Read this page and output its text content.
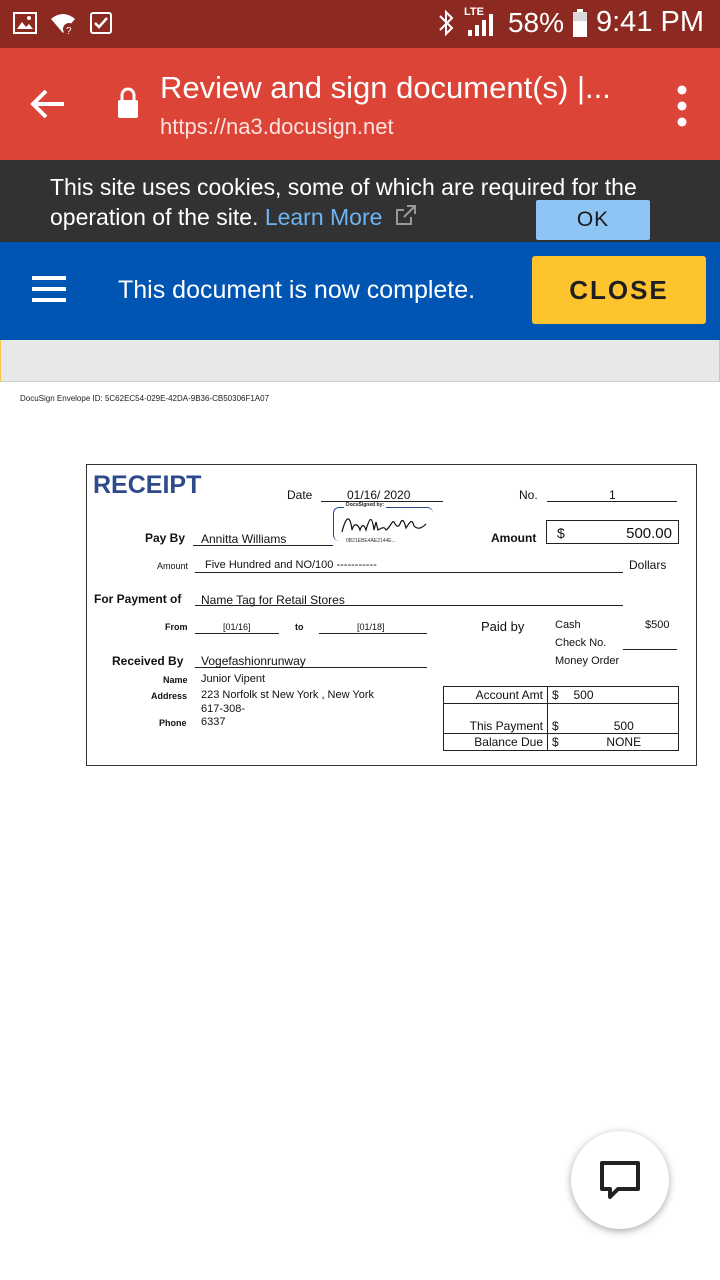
?
LTE 58% 9:41 PM
Review and sign document(s) |...
https://na3.docusign.net
This site uses cookies, some of which are required for the operation of the site. Learn More	OK
This document is now complete.	CLOSE
DocuSign Envelope ID: 5C62EC54-029E-42DA-9B36-CB50306F1A07
RECEIPT	Date	01/16/ 2020	No.	1
Pay By Annitta Williams
DocuSigned by:
0B21EBE4AE2144E...	Amount $	500.00
Amount Five Hundred and NO/100 -----------	Dollars
For Payment of Name Tag for Retail Stores
From	[01/16]	to	[01/18]	Paid by	Cash	$500
Check No.
Money Order
Received By Vogefashionrunway
Name Junior Vipent
Address 223 Norfolk st New York , New York
617-308-
Phone 6337
Account Amt	$	500
This Payment	$	500
Balance Due	$	NONE
